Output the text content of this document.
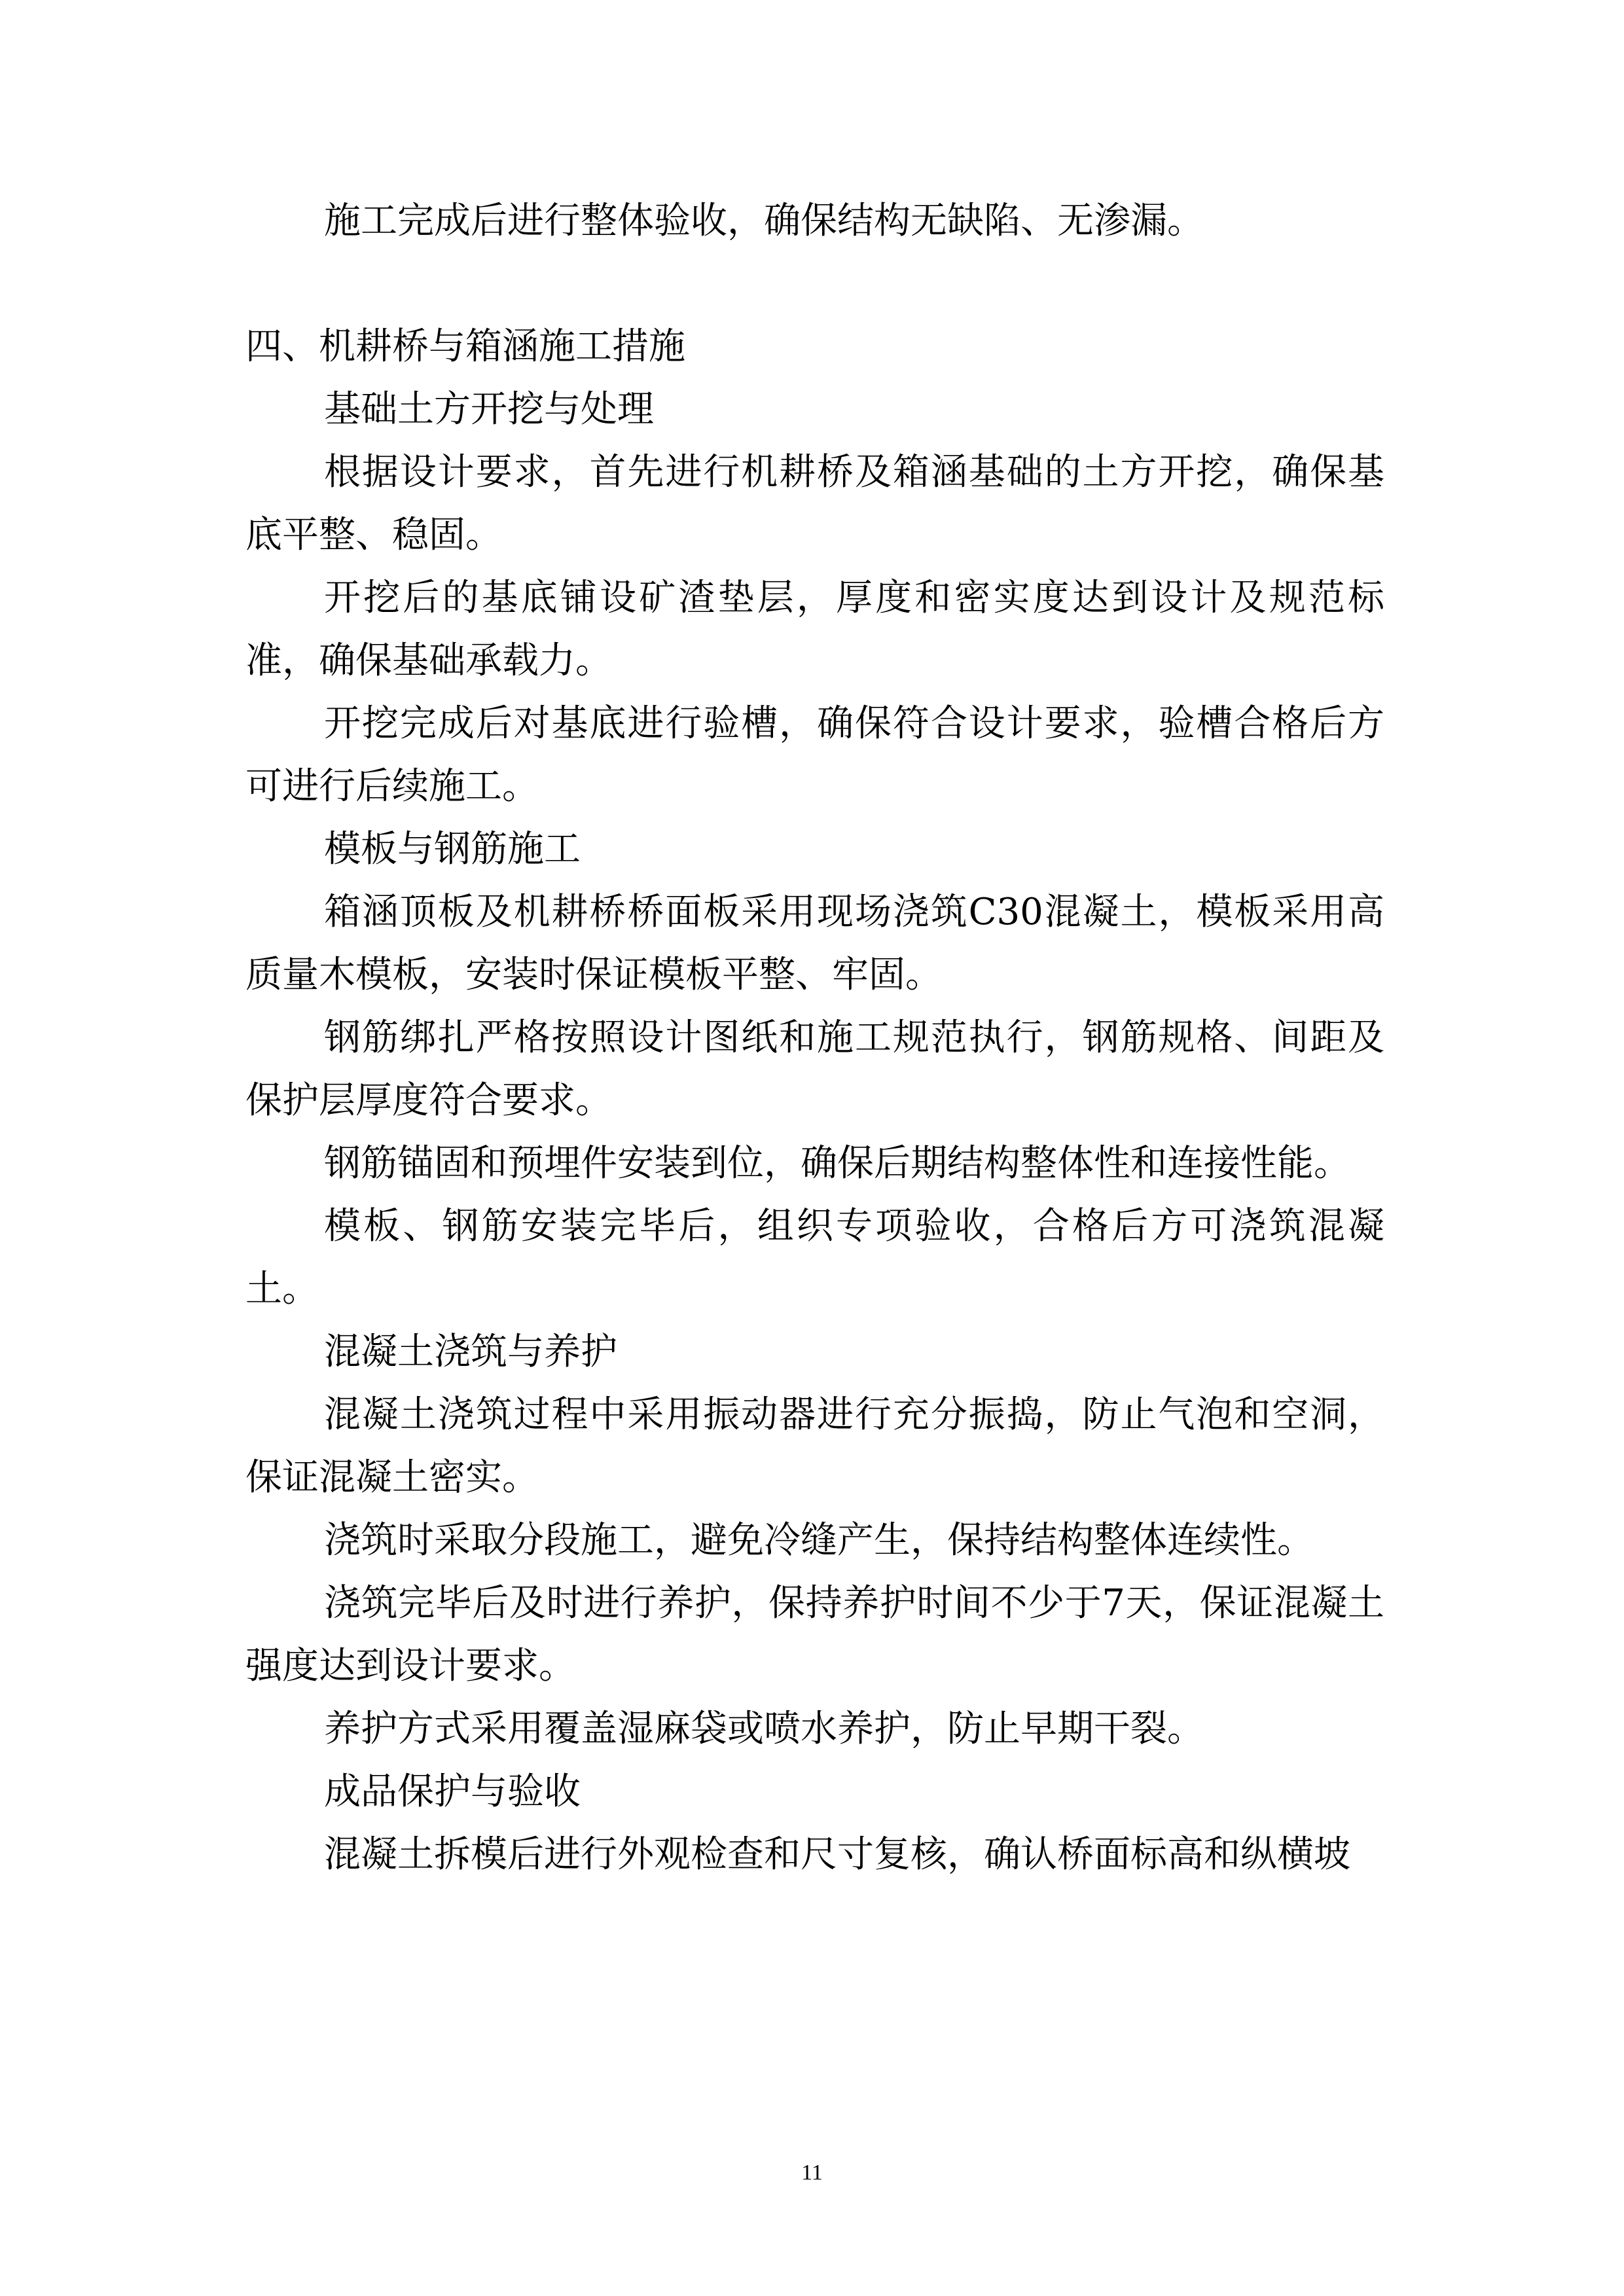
施工完成后进行整体验收，确保结构无缺陷、无渗漏。

四、机耕桥与箱涵施工措施

基础土方开挖与处理

根据设计要求，首先进行机耕桥及箱涵基础的土方开挖，确保基底平整、稳固。

开挖后的基底铺设矿渣垫层，厚度和密实度达到设计及规范标准，确保基础承载力。

开挖完成后对基底进行验槽，确保符合设计要求，验槽合格后方可进行后续施工。

模板与钢筋施工

箱涵顶板及机耕桥桥面板采用现场浇筑C30混凝土，模板采用高质量木模板，安装时保证模板平整、牢固。

钢筋绑扎严格按照设计图纸和施工规范执行，钢筋规格、间距及保护层厚度符合要求。

钢筋锚固和预埋件安装到位，确保后期结构整体性和连接性能。

模板、钢筋安装完毕后，组织专项验收，合格后方可浇筑混凝土。

混凝土浇筑与养护

混凝土浇筑过程中采用振动器进行充分振捣，防止气泡和空洞，保证混凝土密实。

浇筑时采取分段施工，避免冷缝产生，保持结构整体连续性。

浇筑完毕后及时进行养护，保持养护时间不少于7天，保证混凝土强度达到设计要求。

养护方式采用覆盖湿麻袋或喷水养护，防止早期干裂。

成品保护与验收

混凝土拆模后进行外观检查和尺寸复核，确认桥面标高和纵横坡

11
